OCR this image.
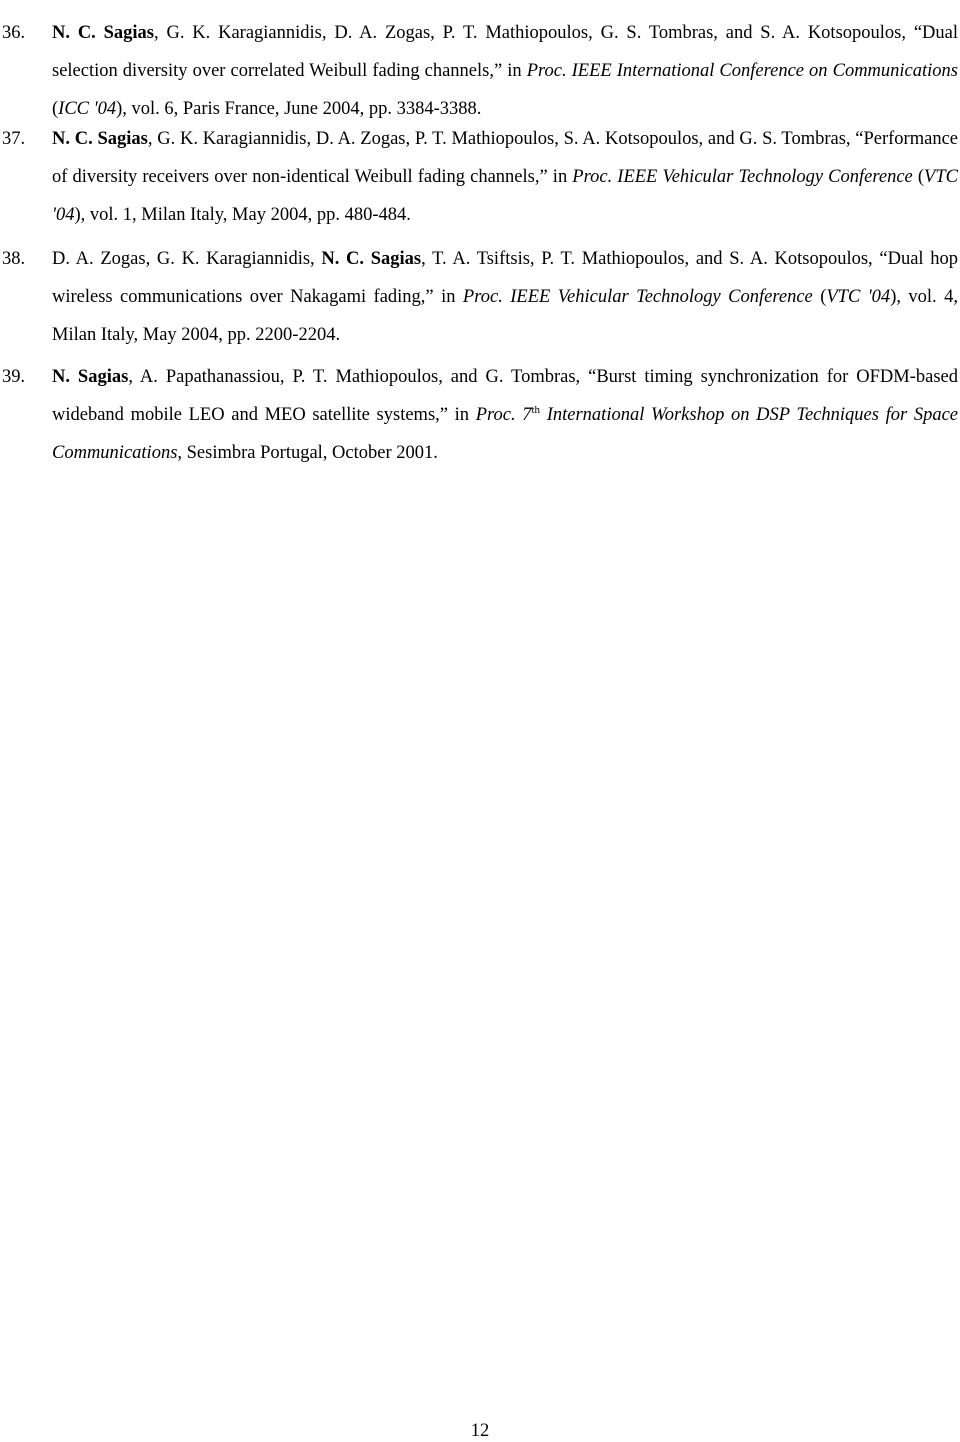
36. N. C. Sagias, G. K. Karagiannidis, D. A. Zogas, P. T. Mathiopoulos, G. S. Tombras, and S. A. Kotsopoulos, “Dual selection diversity over correlated Weibull fading channels,” in Proc. IEEE International Conference on Communications (ICC '04), vol. 6, Paris France, June 2004, pp. 3384-3388.
37. N. C. Sagias, G. K. Karagiannidis, D. A. Zogas, P. T. Mathiopoulos, S. A. Kotsopoulos, and G. S. Tombras, “Performance of diversity receivers over non-identical Weibull fading channels,” in Proc. IEEE Vehicular Technology Conference (VTC '04), vol. 1, Milan Italy, May 2004, pp. 480-484.
38. D. A. Zogas, G. K. Karagiannidis, N. C. Sagias, T. A. Tsiftsis, P. T. Mathiopoulos, and S. A. Kotsopoulos, “Dual hop wireless communications over Nakagami fading,” in Proc. IEEE Vehicular Technology Conference (VTC '04), vol. 4, Milan Italy, May 2004, pp. 2200-2204.
39. N. Sagias, A. Papathanassiou, P. T. Mathiopoulos, and G. Tombras, “Burst timing synchronization for OFDM-based wideband mobile LEO and MEO satellite systems,” in Proc. 7th International Workshop on DSP Techniques for Space Communications, Sesimbra Portugal, October 2001.
12
